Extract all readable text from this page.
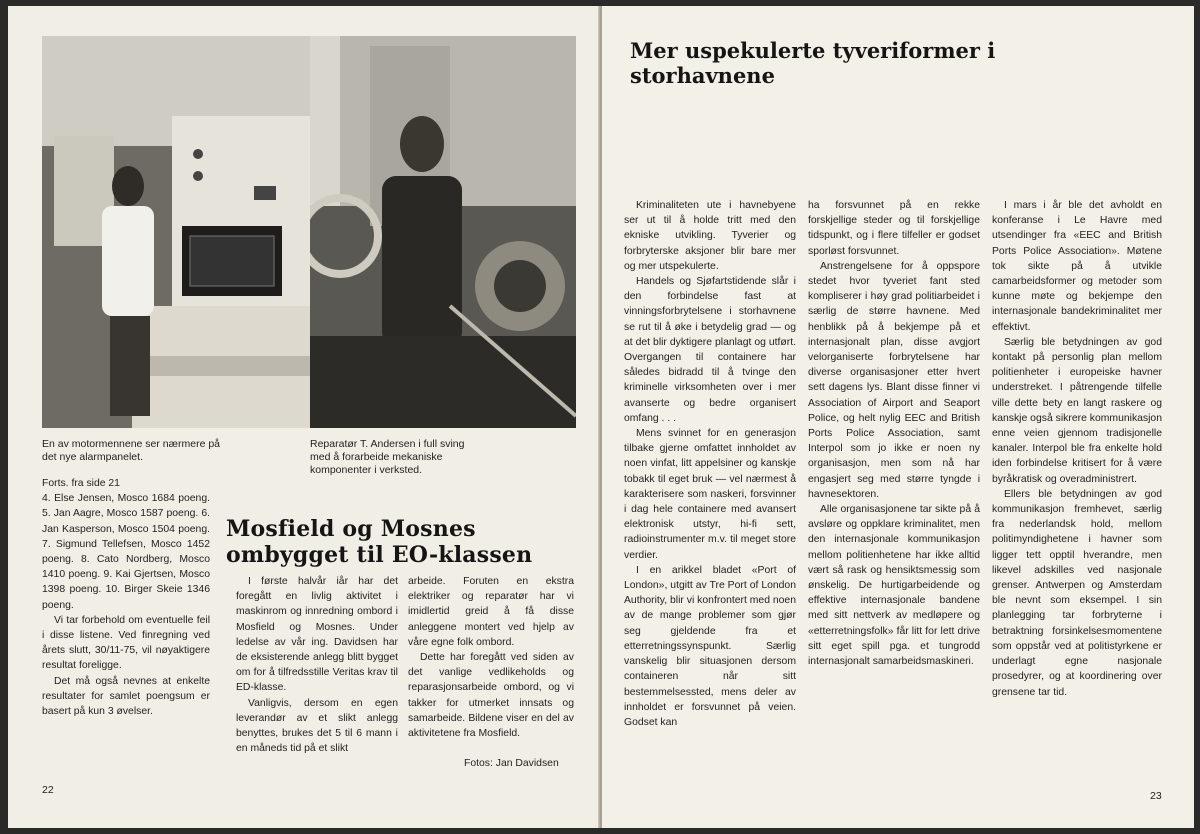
En av motormennene ser nærmere på det nye alarmpanelet.
Reparatør T. Andersen i full sving med å forarbeide mekaniske komponenter i verksted.

Forts. fra side 21

4. Else Jensen, Mosco 1684 poeng. 5. Jan Aagre, Mosco 1587 poeng. 6. Jan Kasperson, Mosco 1504 poeng. 7. Sigmund Tellefsen, Mosco 1452 poeng. 8. Cato Nordberg, Mosco 1410 poeng. 9. Kai Gjertsen, Mosco 1398 poeng. 10. Birger Skeie 1346 poeng.

Vi tar forbehold om eventuelle feil i disse listene. Ved finregning ved årets slutt, 30/11-75, vil nøyaktigere resultat foreligge.

Det må også nevnes at enkelte resultater for samlet poengsum er basert på kun 3 øvelser.

Mosfield og Mosnes ombygget til EO-klassen

I første halvår iår har det foregått en livlig aktivitet i maskinrom og innredning ombord i Mosfield og Mosnes. Under ledelse av vår ing. Davidsen har de eksisterende anlegg blitt bygget om for å tilfredsstille Veritas krav til ED-klasse.

Vanligvis, dersom en egen leverandør av et slikt anlegg benyttes, brukes det 5 til 6 mann i en måneds tid på et slikt

arbeide. Foruten en ekstra elektriker og reparatør har vi imidlertid greid å få disse anleggene montert ved hjelp av våre egne folk ombord.

Dette har foregått ved siden av det vanlige vedlikeholds og reparasjonsarbeide ombord, og vi takker for utmerket innsats og samarbeide. Bildene viser en del av aktivitetene fra Mosfield.

Fotos: Jan Davidsen
22
Mer uspekulerte tyveriformer i storhavnene

Kriminaliteten ute i havnebyene ser ut til å holde tritt med den ekniske utvikling. Tyverier og forbryterske aksjoner blir bare mer og mer utspekulerte.

Handels og Sjøfartstidende slår i den forbindelse fast at vinningsforbrytelsene i storhavnene se rut til å øke i betydelig grad — og at det blir dyktigere planlagt og utført. Overgangen til containere har således bidradd til å tvinge den kriminelle virksomheten over i mer avanserte og bedre organisert omfang . . .

Mens svinnet for en generasjon tilbake gjerne omfattet innholdet av noen vinfat, litt appelsiner og kanskje tobakk til eget bruk — vel nærmest å karakterisere som naskeri, forsvinner i dag hele containere med avansert elektronisk utstyr, hi-fi sett, radioinstrumenter m.v. til meget store verdier.

I en arikkel bladet «Port of London», utgitt av Tre Port of London Authority, blir vi konfrontert med noen av de mange problemer som gjør seg gjeldende fra et etterretningssynspunkt. Særlig vanskelig blir situasjonen dersom containeren når sitt bestemmelsessted, mens deler av innholdet er forsvunnet på veien. Godset kan

ha forsvunnet på en rekke forskjellige steder og til forskjellige tidspunkt, og i flere tilfeller er godset sporløst forsvunnet.

Anstrengelsene for å oppspore stedet hvor tyveriet fant sted kompliserer i høy grad politiarbeidet i særlig de større havnene. Med henblikk på å bekjempe på et internasjonalt plan, disse avgjort velorganiserte forbrytelsene har diverse organisasjoner etter hvert sett dagens lys. Blant disse finner vi Association of Airport and Seaport Police, og helt nylig EEC and British Ports Police Association, samt Interpol som jo ikke er noen ny organisasjon, men som nå har engasjert seg med større tyngde i havnesektoren.

Alle organisasjonene tar sikte på å avsløre og oppklare kriminalitet, men den internasjonale kommunikasjon mellom politienhetene har ikke alltid vært så rask og hensiktsmessig som ønskelig. De hurtigarbeidende og effektive internasjonale bandene med sitt nettverk av medløpere og «etterretningsfolk» får litt for lett drive sitt eget spill pga. et tungrodd internasjonalt samarbeidsmaskineri.

I mars i år ble det avholdt en konferanse i Le Havre med utsendinger fra «EEC and British Ports Police Association». Møtene tok sikte på å utvikle camarbeidsformer og metoder som kunne møte og bekjempe den internasjonale bandekriminalitet mer effektivt.

Særlig ble betydningen av god kontakt på personlig plan mellom politienheter i europeiske havner understreket. I påtrengende tilfelle ville dette bety en langt raskere og kanskje også sikrere kommunikasjon enne veien gjennom tradisjonelle kanaler. Interpol ble fra enkelte hold iden forbindelse kritisert for å være byråkratisk og overadministrert.

Ellers ble betydningen av god kommunikasjon fremhevet, særlig fra nederlandsk hold, mellom politimyndighetene i havner som ligger tett opptil hverandre, men likevel adskilles ved nasjonale grenser. Antwerpen og Amsterdam ble nevnt som eksempel. I sin planlegging tar forbryterne i betraktning forsinkelsesmomentene som oppstår ved at politistyrkene er underlagt egne nasjonale prosedyrer, og at koordinering over grensene tar tid.

23
